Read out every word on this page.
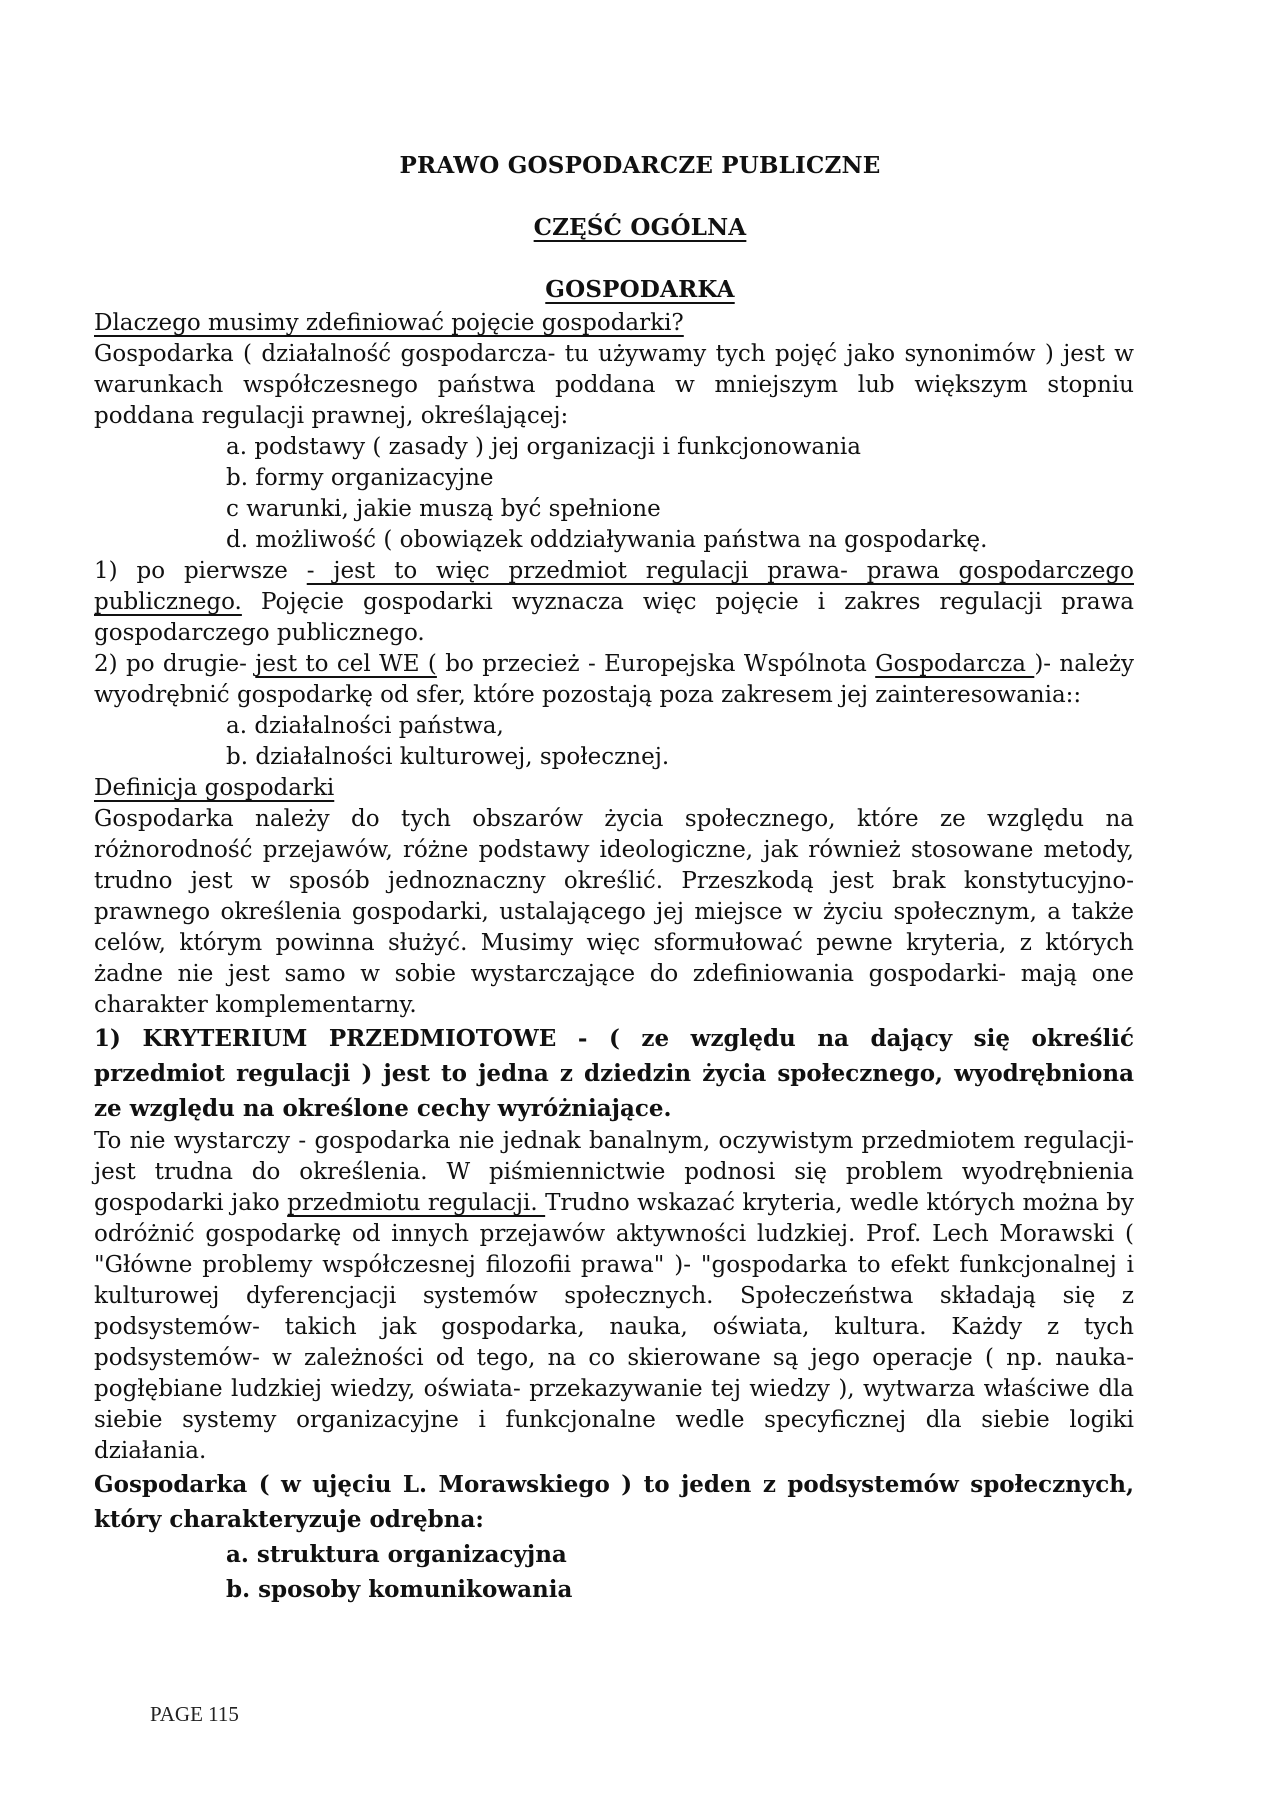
PRAWO GOSPODARCZE PUBLICZNE
CZĘŚĆ OGÓLNA
GOSPODARKA

Dlaczego musimy zdefiniować pojęcie gospodarki?

Gospodarka ( działalność gospodarcza- tu używamy tych pojęć jako synonimów ) jest w warunkach współczesnego państwa poddana w mniejszym lub większym stopniu poddana regulacji prawnej, określającej:

a. podstawy ( zasady ) jej organizacji i funkcjonowania

b. formy organizacyjne

c warunki, jakie muszą być spełnione

d. możliwość ( obowiązek oddziaływania państwa na gospodarkę.

1) po pierwsze - jest to więc przedmiot regulacji prawa- prawa gospodarczego publicznego. Pojęcie gospodarki wyznacza więc pojęcie i zakres regulacji prawa gospodarczego publicznego.

2) po drugie- jest to cel WE ( bo przecież - Europejska Wspólnota Gospodarcza )- należy wyodrębnić gospodarkę od sfer, które pozostają poza zakresem jej zainteresowania::

a. działalności państwa,

b. działalności kulturowej, społecznej.

Definicja gospodarki

Gospodarka należy do tych obszarów życia społecznego, które ze względu na różnorodność przejawów, różne podstawy ideologiczne, jak również stosowane metody, trudno jest w sposób jednoznaczny określić. Przeszkodą jest brak konstytucyjno- prawnego określenia gospodarki, ustalającego jej miejsce w życiu społecznym, a także celów, którym powinna służyć. Musimy więc sformułować pewne kryteria, z których żadne nie jest samo w sobie wystarczające do zdefiniowania gospodarki- mają one charakter komplementarny.

1) KRYTERIUM PRZEDMIOTOWE - ( ze względu na dający się określić przedmiot regulacji ) jest to jedna z dziedzin życia społecznego, wyodrębniona ze względu na określone cechy wyróżniające.

To nie wystarczy - gospodarka nie jednak banalnym, oczywistym przedmiotem regulacji- jest trudna do określenia. W piśmiennictwie podnosi się problem wyodrębnienia gospodarki jako przedmiotu regulacji. Trudno wskazać kryteria, wedle których można by odróżnić gospodarkę od innych przejawów aktywności ludzkiej. Prof. Lech Morawski ( "Główne problemy współczesnej filozofii prawa" )- "gospodarka to efekt funkcjonalnej i kulturowej dyferencjacji systemów społecznych. Społeczeństwa składają się z podsystemów- takich jak gospodarka, nauka, oświata, kultura. Każdy z tych podsystemów- w zależności od tego, na co skierowane są jego operacje ( np. nauka- pogłębiane ludzkiej wiedzy, oświata- przekazywanie tej wiedzy ), wytwarza właściwe dla siebie systemy organizacyjne i funkcjonalne wedle specyficznej dla siebie logiki działania.

Gospodarka ( w ujęciu L. Morawskiego ) to jeden z podsystemów społecznych, który charakteryzuje odrębna:

a. struktura organizacyjna

b. sposoby komunikowania

PAGE 115
